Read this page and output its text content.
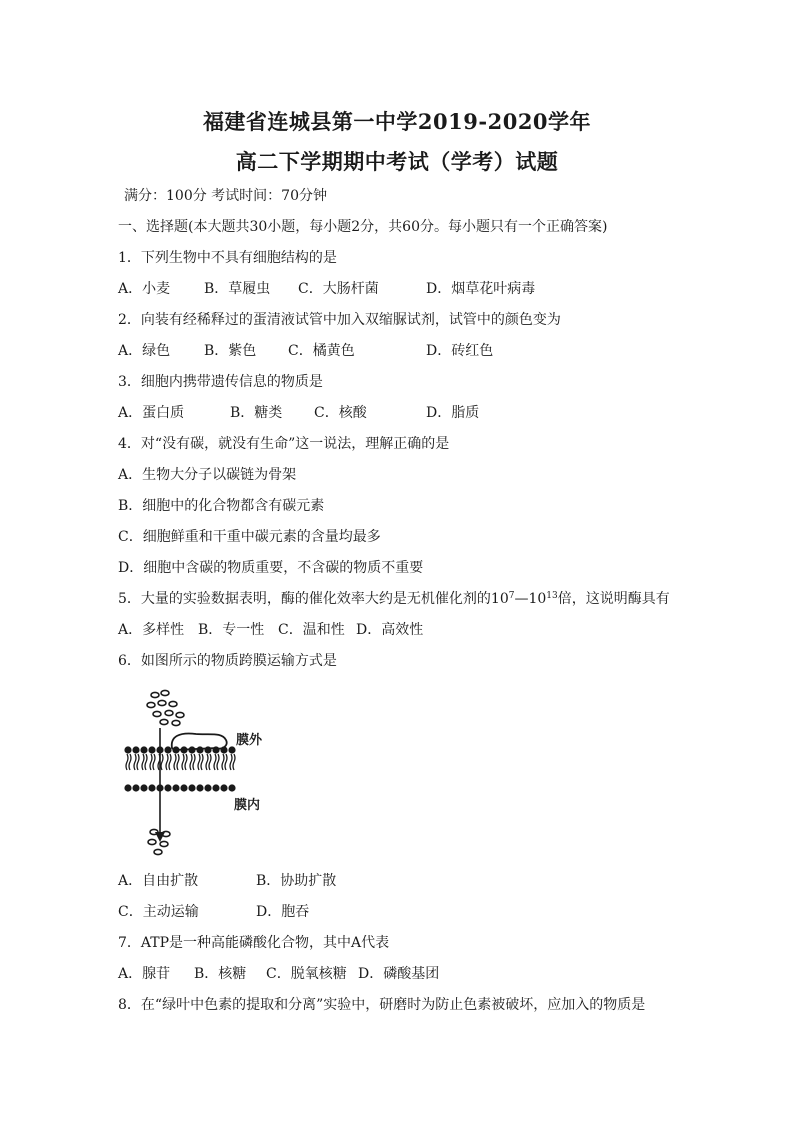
福建省连城县第一中学2019-2020学年
高二下学期期中考试（学考）试题
满分：100分 考试时间：70分钟
一、选择题(本大题共30小题，每小题2分，共60分。每小题只有一个正确答案)
1．下列生物中不具有细胞结构的是
A．小麦 B．草履虫 C．大肠杆菌	D．烟草花叶病毒
2．向装有经稀释过的蛋清液试管中加入双缩脲试剂，试管中的颜色变为
A．绿色 B．紫色 C．橘黄色	D．砖红色
3．细胞内携带遗传信息的物质是
A．蛋白质	B．糖类 C．核酸	D．脂质
4．对“没有碳，就没有生命”这一说法，理解正确的是
A．生物大分子以碳链为骨架
B．细胞中的化合物都含有碳元素
C．细胞鲜重和干重中碳元素的含量均最多
D．细胞中含碳的物质重要，不含碳的物质不重要
5．大量的实验数据表明，酶的催化效率大约是无机催化剂的$10^7—10^{13}$倍，这说明酶具有
A．多样性 B．专一性 C．温和性 D．高效性
6．如图所示的物质跨膜运输方式是
膜外
膜内
A．自由扩散	B．协助扩散
C．主动运输	D．胞吞
7．ATP是一种高能磷酸化合物，其中A代表
A．腺苷 B．核糖 C．脱氧核糖 D．磷酸基团
8．在“绿叶中色素的提取和分离”实验中，研磨时为防止色素被破坏，应加入的物质是
